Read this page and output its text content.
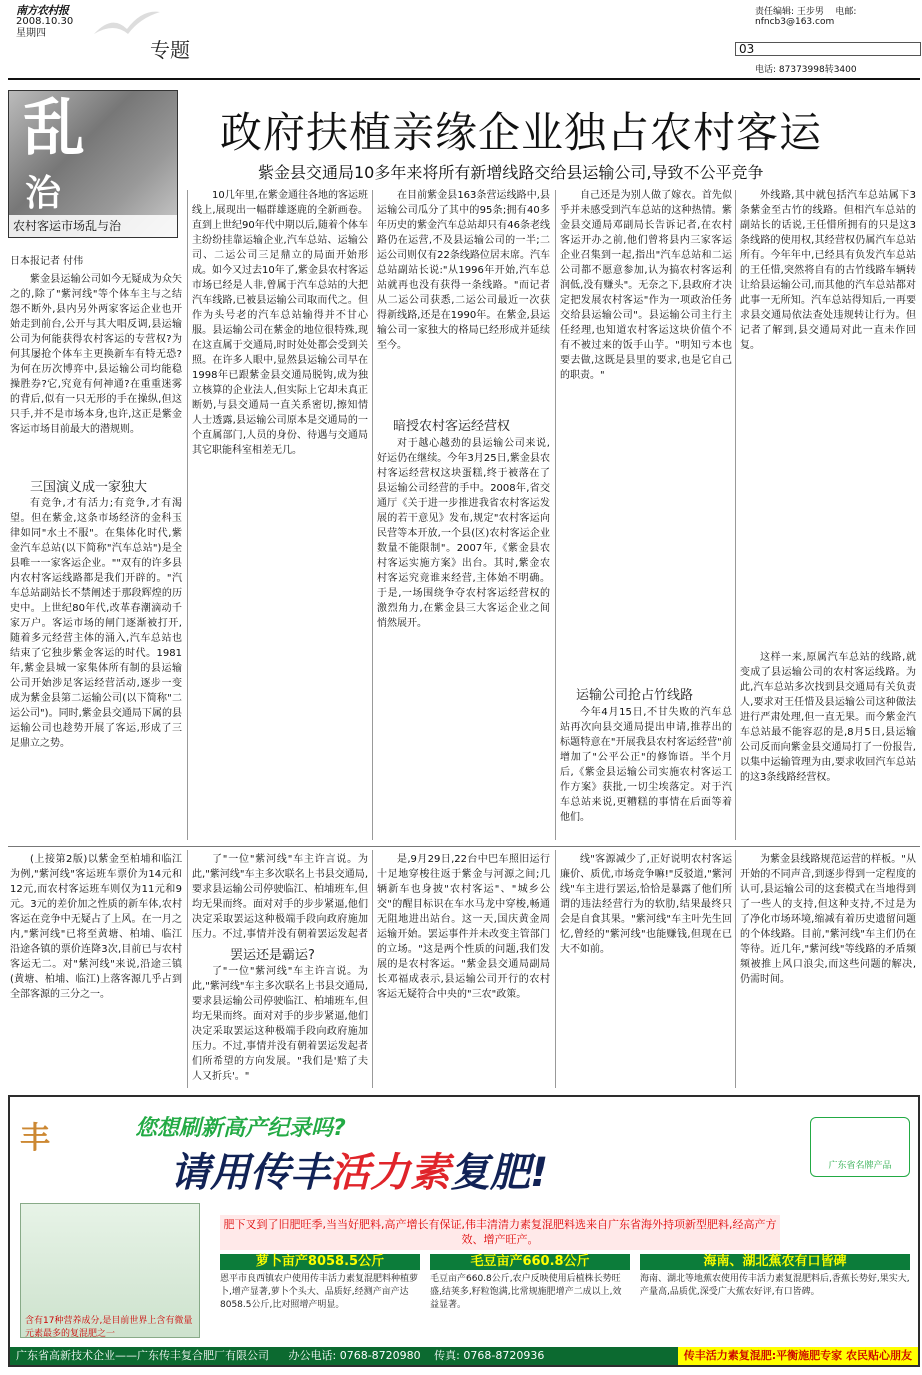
南方农村报
2008.10.30
星期四
专题
责任编辑: 王步男 电邮: nfncb3@163.com
03
电话: 87373998转3400
乱
治
农村客运市场乱与治
政府扶植亲缘企业独占农村客运
紫金县交通局10多年来将所有新增线路交给县运输公司,导致不公平竞争
日本报记者 付伟
紫金县运输公司如今无疑成为众矢之的,除了"紫河线"等个体车主与之结怨不断外,县内另外两家客运企业也开始走到前台,公开与其大唱反调,县运输公司为何能获得农村客运的专营权?为何其屡抢个体车主更换新车有特无恐?为何在历次博弈中,县运输公司均能稳操胜券?它,究竟有何神通?在重重迷雾的背后,似有一只无形的手在操纵,但这只手,并不是市场本身,也许,这正是紫金客运市场目前最大的潜规则。
三国演义成一家独大
有竞争,才有活力;有竞争,才有渴望。但在紫金,这条市场经济的金科玉律如同"水土不服"。在集体化时代,紫金汽车总站(以下简称"汽车总站")是全县唯一一家客运企业。""双有的许多县内农村客运线路都是我们开辟的。"汽车总站副站长不禁阐述于那段辉煌的历史中。上世纪80年代,改革春潮滴动千家万户。客运市场的闸门逐渐被打开,随着多元经营主体的涌入,汽车总站也结束了它独步紫金客运的时代。1981年,紫金县城一家集体所有制的县运输公司开始涉足客运经营活动,逐步一变成为紫金县第二运输公司(以下简称"二运公司")。同时,紫金县交通局下属的县运输公司也趁势开展了客运,形成了三足鼎立之势。
10几年里,在紫金通往各地的客运班线上,展现出一幅群雄逐鹿的全新画卷。直到上世纪90年代中期以后,随着个体车主纷纷挂靠运输企业,汽车总站、运输公司、二运公司三足鼎立的局面开始形成。如今又过去10年了,紫金县农村客运市场已经是人非,曾属于汽车总站的大把汽车线路,已被县运输公司取而代之。但作为头号老的汽车总站输得并不甘心服。县运输公司在紫金的地位很特殊,现在这直属于交通局,时时处处都会受到关照。在许多人眼中,显然县运输公司早在1998年已跟紫金县交通局脱钩,成为独立核算的企业法人,但实际上它却未真正断奶,与县交通局一直关系密切,擦知情人士透露,县运输公司原本是交通局的一个直属部门,人员的身份、待遇与交通局其它职能科室相差无几。
在目前紫金县163条营运线路中,县运输公司瓜分了其中的95条;拥有40多年历史的紫金汽车总站却只有46条老线路仍在运营,不及县运输公司的一半;二运公司则仅有22条线路位居末席。汽车总站副站长说:"从1996年开始,汽车总站就再也没有获得一条线路。"而记者从二运公司获悉,二运公司最近一次获得新线路,还是在1990年。在紫金,县运输公司一家独大的格局已经形成并延续至今。
暗授农村客运经营权
对于越心越劲的县运输公司来说,好运仍在继续。今年3月25日,紫金县农村客运经营权这块蛋糕,终于被落在了县运输公司经营的手中。2008年,省交通厅《关于进一步推进我省农村客运发展的若干意见》发布,规定"农村客运向民营等本开放,一个县(区)农村客运企业数量不能限制"。2007年,《紫金县农村客运实施方案》出台。其时,紫金农村客运究竟谁来经营,主体始不明确。于是,一场围绕争夺农村客运经营权的激烈角力,在紫金县三大客运企业之间悄然展开。
自己还是为别人做了嫁衣。首先似乎并未感受到汽车总站的这种热情。紫金县交通局邓副局长告诉记者,在农村客运开办之前,他们曾将县内三家客运企业召集到一起,指出"汽车总站和二运公司都不愿意参加,认为搞农村客运利润低,没有赚头"。无奈之下,县政府才决定把发展农村客运"作为一项政治任务交给县运输公司"。县运输公司主行主任经理,也知道农村客运这块价值个不有不被过来的饭手山芋。"明知亏本也要去做,这既是县里的要求,也是它自己的职责。"
运输公司抢占竹线路
今年4月15日,不甘失败的汽车总站再次向县交通局提出申请,推荐出的标题特意在"开展我县农村客运经营"前增加了"公平公正"的修饰语。半个月后,《紫金县运输公司实施农村客运工作方案》获批,一切尘埃落定。对于汽车总站来说,更糟糕的事情在后面等着他们。
外线路,其中就包括汽车总站属下3条紫金至古竹的线路。但相汽车总站的副站长的话说,王任惜所拥有的只是这3条线路的使用权,其经营权仍属汽车总站所有。今年年中,已经具有负发汽车总站的王任惜,突然将自有的古竹线路车辆转让给县运输公司,而其他的汽车总站都对此事一无所知。汽车总站得知后,一再要求县交通局依法查处违规转让行为。但记者了解到,县交通局对此一直未作回复。
这样一来,原属汽车总站的线路,就变成了县运输公司的农村客运线路。为此,汽车总站多次找到县交通局有关负责人,要求对王任惜及县运输公司这种做法进行严肃处理,但一直无果。而今紫金汽车总站最不能容忍的是,8月5日,县运输公司反而向紫金县交通局打了一份报告,以集中运输管理为由,要求收回汽车总站的这3条线路经营权。
(上接第2版)以紫金至柏埔和临江为例,"紫河线"客运班车票价为14元和12元,而农村客运班车则仅为11元和9元。3元的差价加之性质的新车体,农村客运在竞争中无疑占了上风。在一月之内,"紫河线"已将至黄塘、柏埔、临江沿途各镇的票价连降3次,目前已与农村客运无二。对"紫河线"来说,沿途三镇(黄塘、柏埔、临江)上落客源几乎占到全部客源的三分之一。
了"一位"紫河线"车主许言说。为此,"紫河线"车主多次联名上书县交通局,要求县运输公司停驶临江、柏埔班车,但均无果而终。面对对手的步步紧逼,他们决定采取罢运这种极端手段向政府施加压力。不过,事情并没有朝着罢运发起者
罢运还是霸运?
了"一位"紫河线"车主许言说。为此,"紫河线"车主多次联名上书县交通局,要求县运输公司停驶临江、柏埔班车,但均无果而终。面对对手的步步紧逼,他们决定采取罢运这种极端手段向政府施加压力。不过,事情并没有朝着罢运发起者们所希望的方向发展。"我们是'赔了夫人又折兵'。"
是,9月29日,22台中巴车照旧运行十足地穿梭往返于紫金与河源之间;几辆新车也身披"农村客运"、"城乡公交"的醒目标识在车水马龙中穿梭,畅通无阻地进出站台。这一天,国庆黄金周运输开始。罢运事件并未改变主管部门的立场。"这是两个性质的问题,我们发展的是农村客运。"紫金县交通局副局长邓福成表示,县运输公司开行的农村客运无疑符合中央的"三农"政策。
线"客源减少了,正好说明农村客运廉价、质优,市场竞争嘛!"反驳道,"紫河线"车主进行罢运,恰恰是暴露了他们所谓的违法经营行为的软肋,结果最终只会是自食其果。"紫河线"车主叶先生回忆,曾经的"紫河线"也能赚钱,但现在已大不如前。
为紫金县线路规范运营的样板。"从开始的不同声音,到逐步得到一定程度的认可,县运输公司的这套模式在当地得到了一些人的支持,但这种支持,不过是为了净化市场环境,缩减有着历史遗留问题的个体线路。目前,"紫河线"车主们仍在等待。近几年,"紫河线"等线路的矛盾频频被推上风口浪尖,而这些问题的解决,仍需时间。
丰	您想刷新高产纪录吗?
请用传丰活力素复肥!	广东省名牌产品
含有17种营养成分,是目前世界上含有微量元素最多的复混肥之一
肥下叉到了旧肥旺季,当当好肥料,高产增长有保证,伟丰清清力素复混肥料选来自广东省海外持项新型肥料,经高产方效、增产旺产。
萝卜亩产8058.5公斤	毛豆亩产660.8公斤	海南、湖北蕉农有口皆碑
恩平市良西镇农户使用传丰活力素复混肥料种植萝卜,增产显著,萝卜个头大、品质好,经测产亩产达8058.5公斤,比对照增产明显。
毛豆亩产660.8公斤,农户反映使用后植株长势旺盛,结荚多,籽粒饱满,比常规施肥增产二成以上,效益显著。
海南、湖北等地蕉农使用传丰活力素复混肥料后,香蕉长势好,果实大,产量高,品质优,深受广大蕉农好评,有口皆碑。
广东省高新技术企业——广东传丰复合肥厂有限公司 办公电话: 0768-8720980 传真: 0768-8720936	传丰活力素复混肥:平衡施肥专家 农民贴心朋友
